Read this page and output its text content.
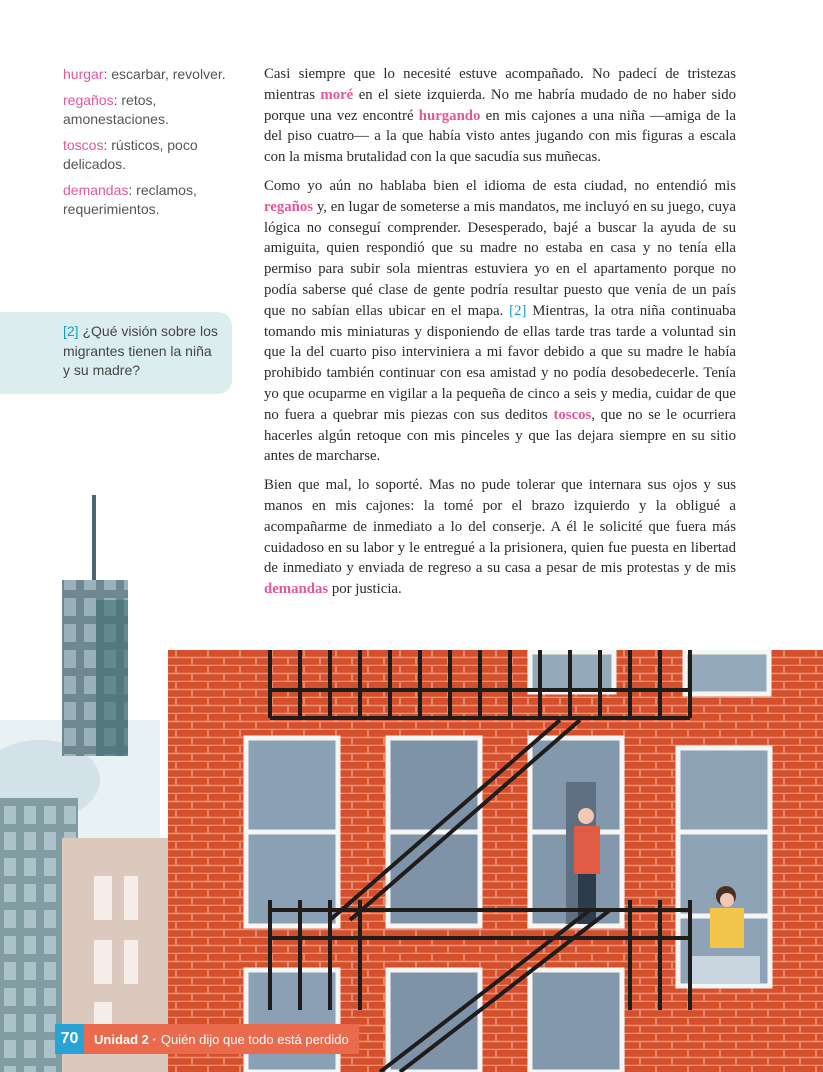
hurgar: escarbar, revolver.

regaños: retos, amonestaciones.

toscos: rústicos, poco delicados.

demandas: reclamos, requerimientos.

[2] ¿Qué visión sobre los migrantes tienen la niña y su madre?

Casi siempre que lo necesité estuve acompañado. No padecí de tristezas mientras moré en el siete izquierda. No me habría mudado de no haber sido porque una vez encontré hurgando en mis cajones a una niña —amiga de la del piso cuatro— a la que había visto antes jugando con mis figuras a escala con la misma brutalidad con la que sacudía sus muñecas.

Como yo aún no hablaba bien el idioma de esta ciudad, no entendió mis regaños y, en lugar de someterse a mis mandatos, me incluyó en su juego, cuya lógica no conseguí comprender. Desesperado, bajé a buscar la ayuda de su amiguita, quien respondió que su madre no estaba en casa y no tenía ella permiso para subir sola mientras estuviera yo en el apartamento porque no podía saberse qué clase de gente podría resultar puesto que venía de un país que no sabían ellas ubicar en el mapa. [2] Mientras, la otra niña continuaba tomando mis miniaturas y disponiendo de ellas tarde tras tarde a voluntad sin que la del cuarto piso interviniera a mi favor debido a que su madre le había prohibido también continuar con esa amistad y no podía desobedecerle. Tenía yo que ocuparme en vigilar a la pequeña de cinco a seis y media, cuidar de que no fuera a quebrar mis piezas con sus deditos toscos, que no se le ocurriera hacerles algún retoque con mis pinceles y que las dejara siempre en su sitio antes de marcharse.

Bien que mal, lo soporté. Mas no pude tolerar que internara sus ojos y sus manos en mis cajones: la tomé por el brazo izquierdo y la obligué a acompañarme de inmediato a lo del conserje. A él le solicité que fuera más cuidadoso en su labor y le entregué a la prisionera, quien fue puesta en libertad de inmediato y enviada de regreso a su casa a pesar de mis protestas y de mis demandas por justicia.

70	Unidad 2 · Quién dijo que todo está perdido
